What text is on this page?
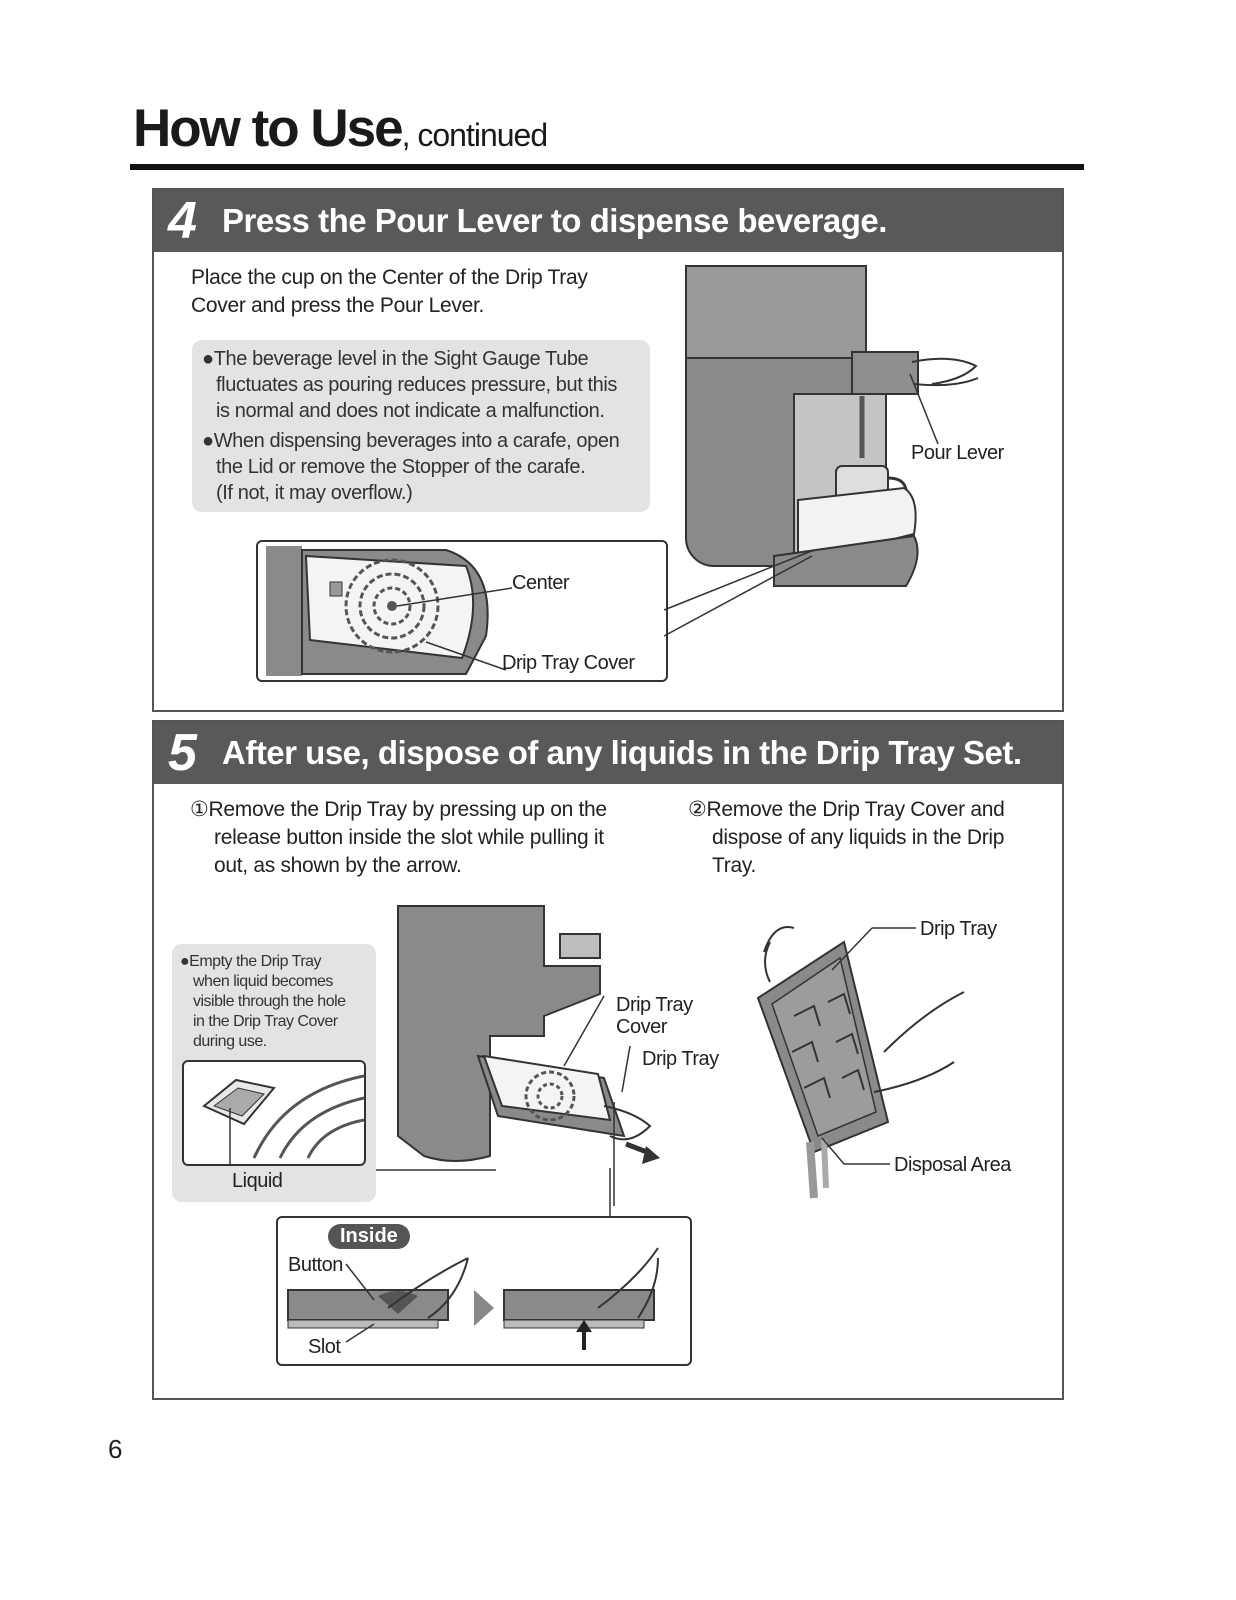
How to Use, continued
4 Press the Pour Lever to dispense beverage.
Place the cup on the Center of the Drip Tray
Cover and press the Pour Lever.
●The beverage level in the Sight Gauge Tube
fluctuates as pouring reduces pressure, but this
is normal and does not indicate a malfunction.
●When dispensing beverages into a carafe, open
the Lid or remove the Stopper of the carafe.
(If not, it may overflow.)
Pour Lever
Center
Drip Tray Cover
5 After use, dispose of any liquids in the Drip Tray Set.
①Remove the Drip Tray by pressing up on the
release button inside the slot while pulling it
out, as shown by the arrow.
②Remove the Drip Tray Cover and
dispose of any liquids in the Drip
Tray.
●Empty the Drip Tray
when liquid becomes
visible through the hole
in the Drip Tray Cover
during use.
Liquid
Drip Tray
Cover
Drip Tray
Drip Tray
Disposal Area
Inside
Button
Slot
6
